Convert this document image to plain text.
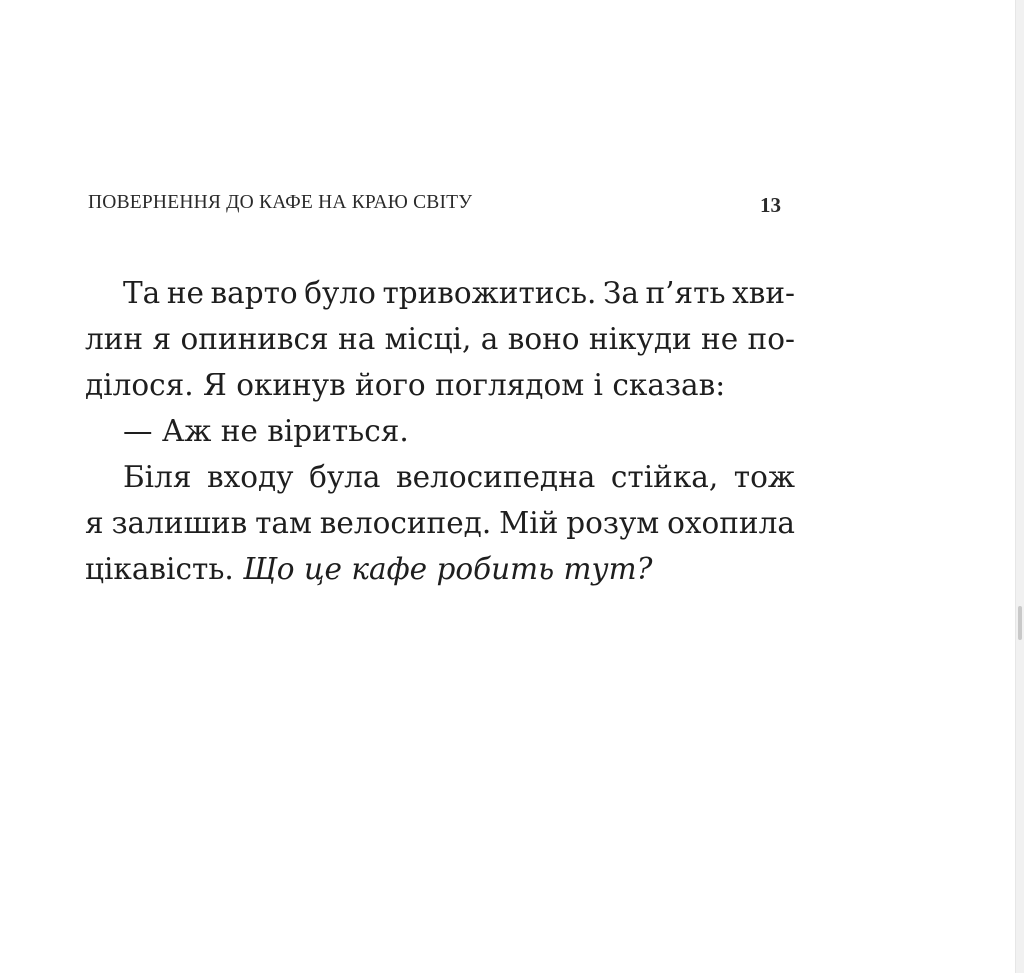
ПОВЕРНЕННЯ ДО КАФЕ НА КРАЮ СВІТУ	13
Та не варто було тривожитись. За п’ять хви-
лин я опинився на місці, а воно нікуди не по-
ділося. Я окинув його поглядом і сказав:
— Аж не віриться.
Біля входу була велосипедна стійка, тож
я залишив там велосипед. Мій розум охопила
цікавість. Що це кафе робить тут?
